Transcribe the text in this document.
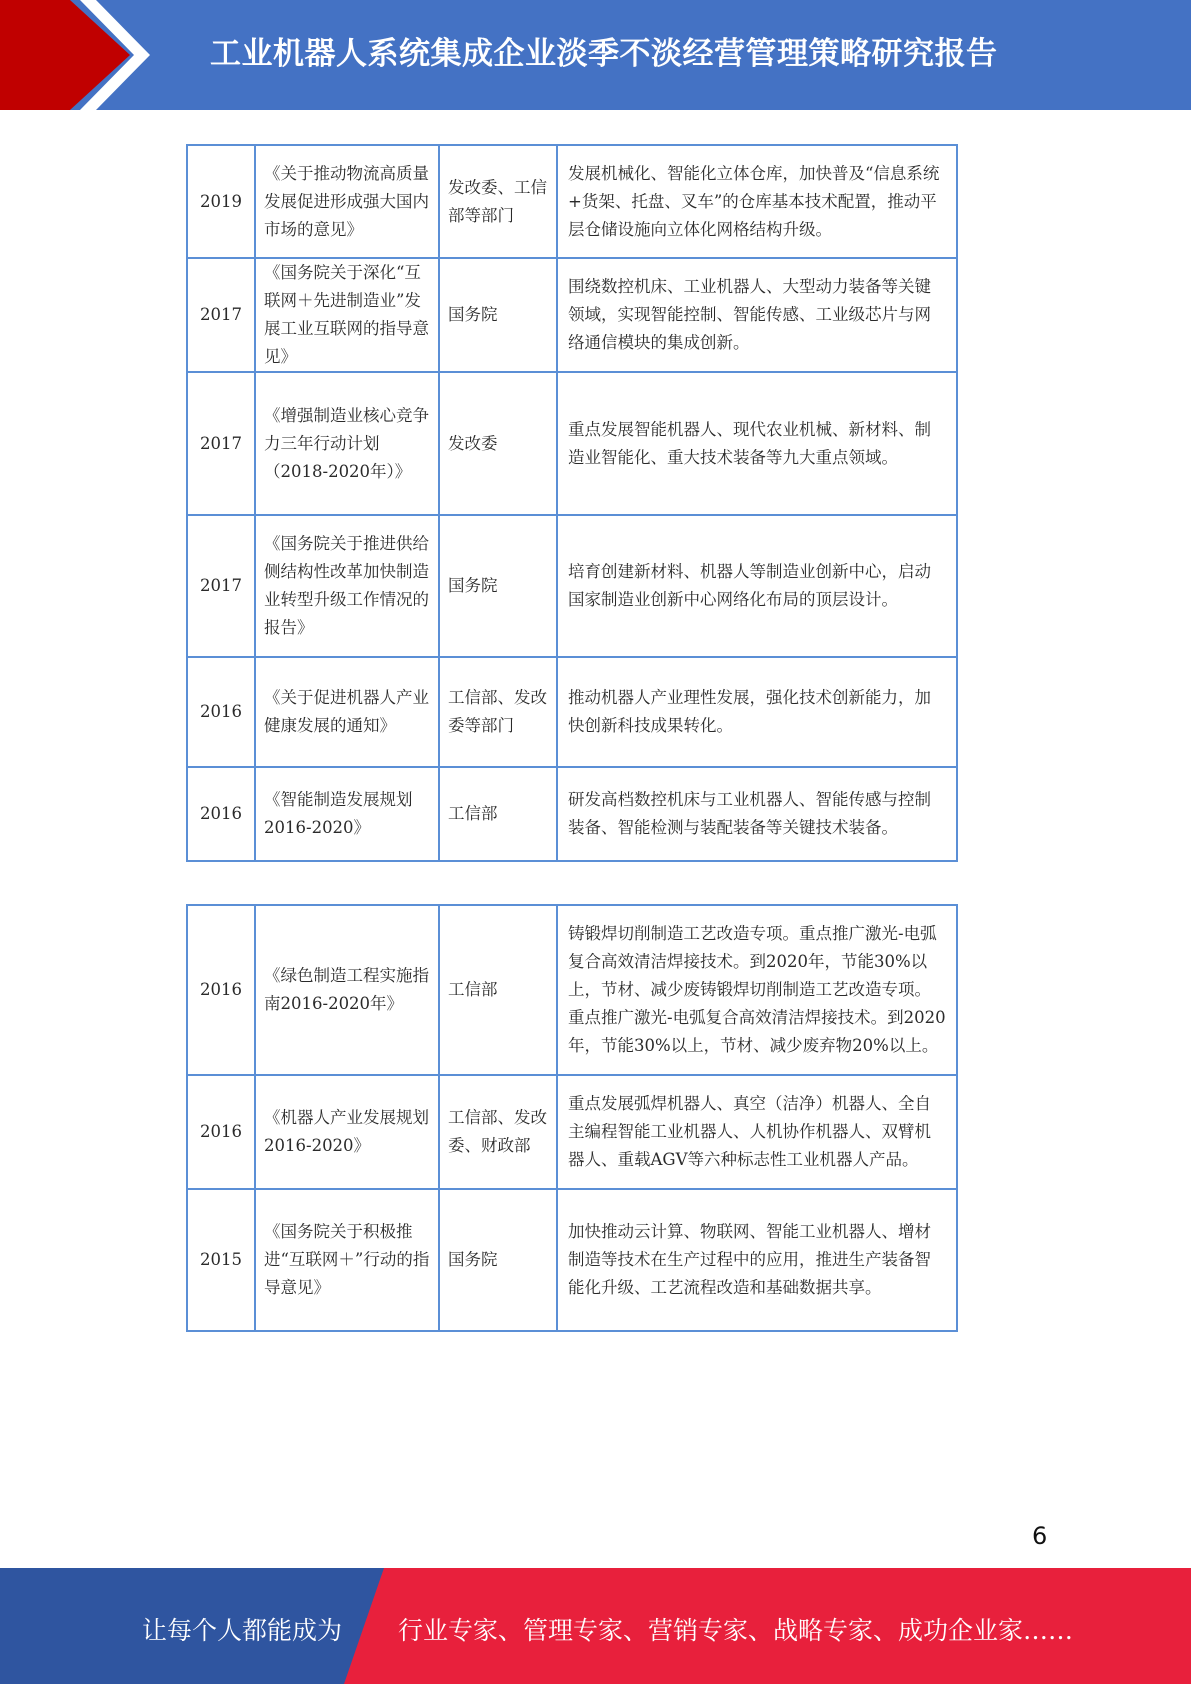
工业机器人系统集成企业淡季不淡经营管理策略研究报告
2019	《关于推动物流高质量发展促进形成强大国内市场的意见》	发改委、工信部等部门	发展机械化、智能化立体仓库，加快普及“信息系统+货架、托盘、叉车”的仓库基本技术配置，推动平层仓储设施向立体化网格结构升级。
2017	《国务院关于深化“互联网＋先进制造业”发展工业互联网的指导意见》	国务院	围绕数控机床、工业机器人、大型动力装备等关键领域，实现智能控制、智能传感、工业级芯片与网络通信模块的集成创新。
2017	《增强制造业核心竞争力三年行动计划（2018-2020年）》	发改委	重点发展智能机器人、现代农业机械、新材料、制造业智能化、重大技术装备等九大重点领域。
2017	《国务院关于推进供给侧结构性改革加快制造业转型升级工作情况的报告》	国务院	培育创建新材料、机器人等制造业创新中心，启动国家制造业创新中心网络化布局的顶层设计。
2016	《关于促进机器人产业健康发展的通知》	工信部、发改委等部门	推动机器人产业理性发展，强化技术创新能力，加快创新科技成果转化。
2016	《智能制造发展规划 2016-2020》	工信部	研发高档数控机床与工业机器人、智能传感与控制装备、智能检测与装配装备等关键技术装备。
2016	《绿色制造工程实施指南2016-2020年》	工信部	铸锻焊切削制造工艺改造专项。重点推广激光-电弧复合高效清洁焊接技术。到2020年，节能30%以上，节材、减少废铸锻焊切削制造工艺改造专项。重点推广激光-电弧复合高效清洁焊接技术。到2020年，节能30%以上，节材、减少废弃物20%以上。
2016	《机器人产业发展规划2016-2020》	工信部、发改委、财政部	重点发展弧焊机器人、真空（洁净）机器人、全自主编程智能工业机器人、人机协作机器人、双臂机器人、重载AGV等六种标志性工业机器人产品。
2015	《国务院关于积极推进“互联网＋”行动的指导意见》	国务院	加快推动云计算、物联网、智能工业机器人、增材制造等技术在生产过程中的应用，推进生产装备智能化升级、工艺流程改造和基础数据共享。
6
让每个人都能成为 行业专家、管理专家、营销专家、战略专家、成功企业家……
